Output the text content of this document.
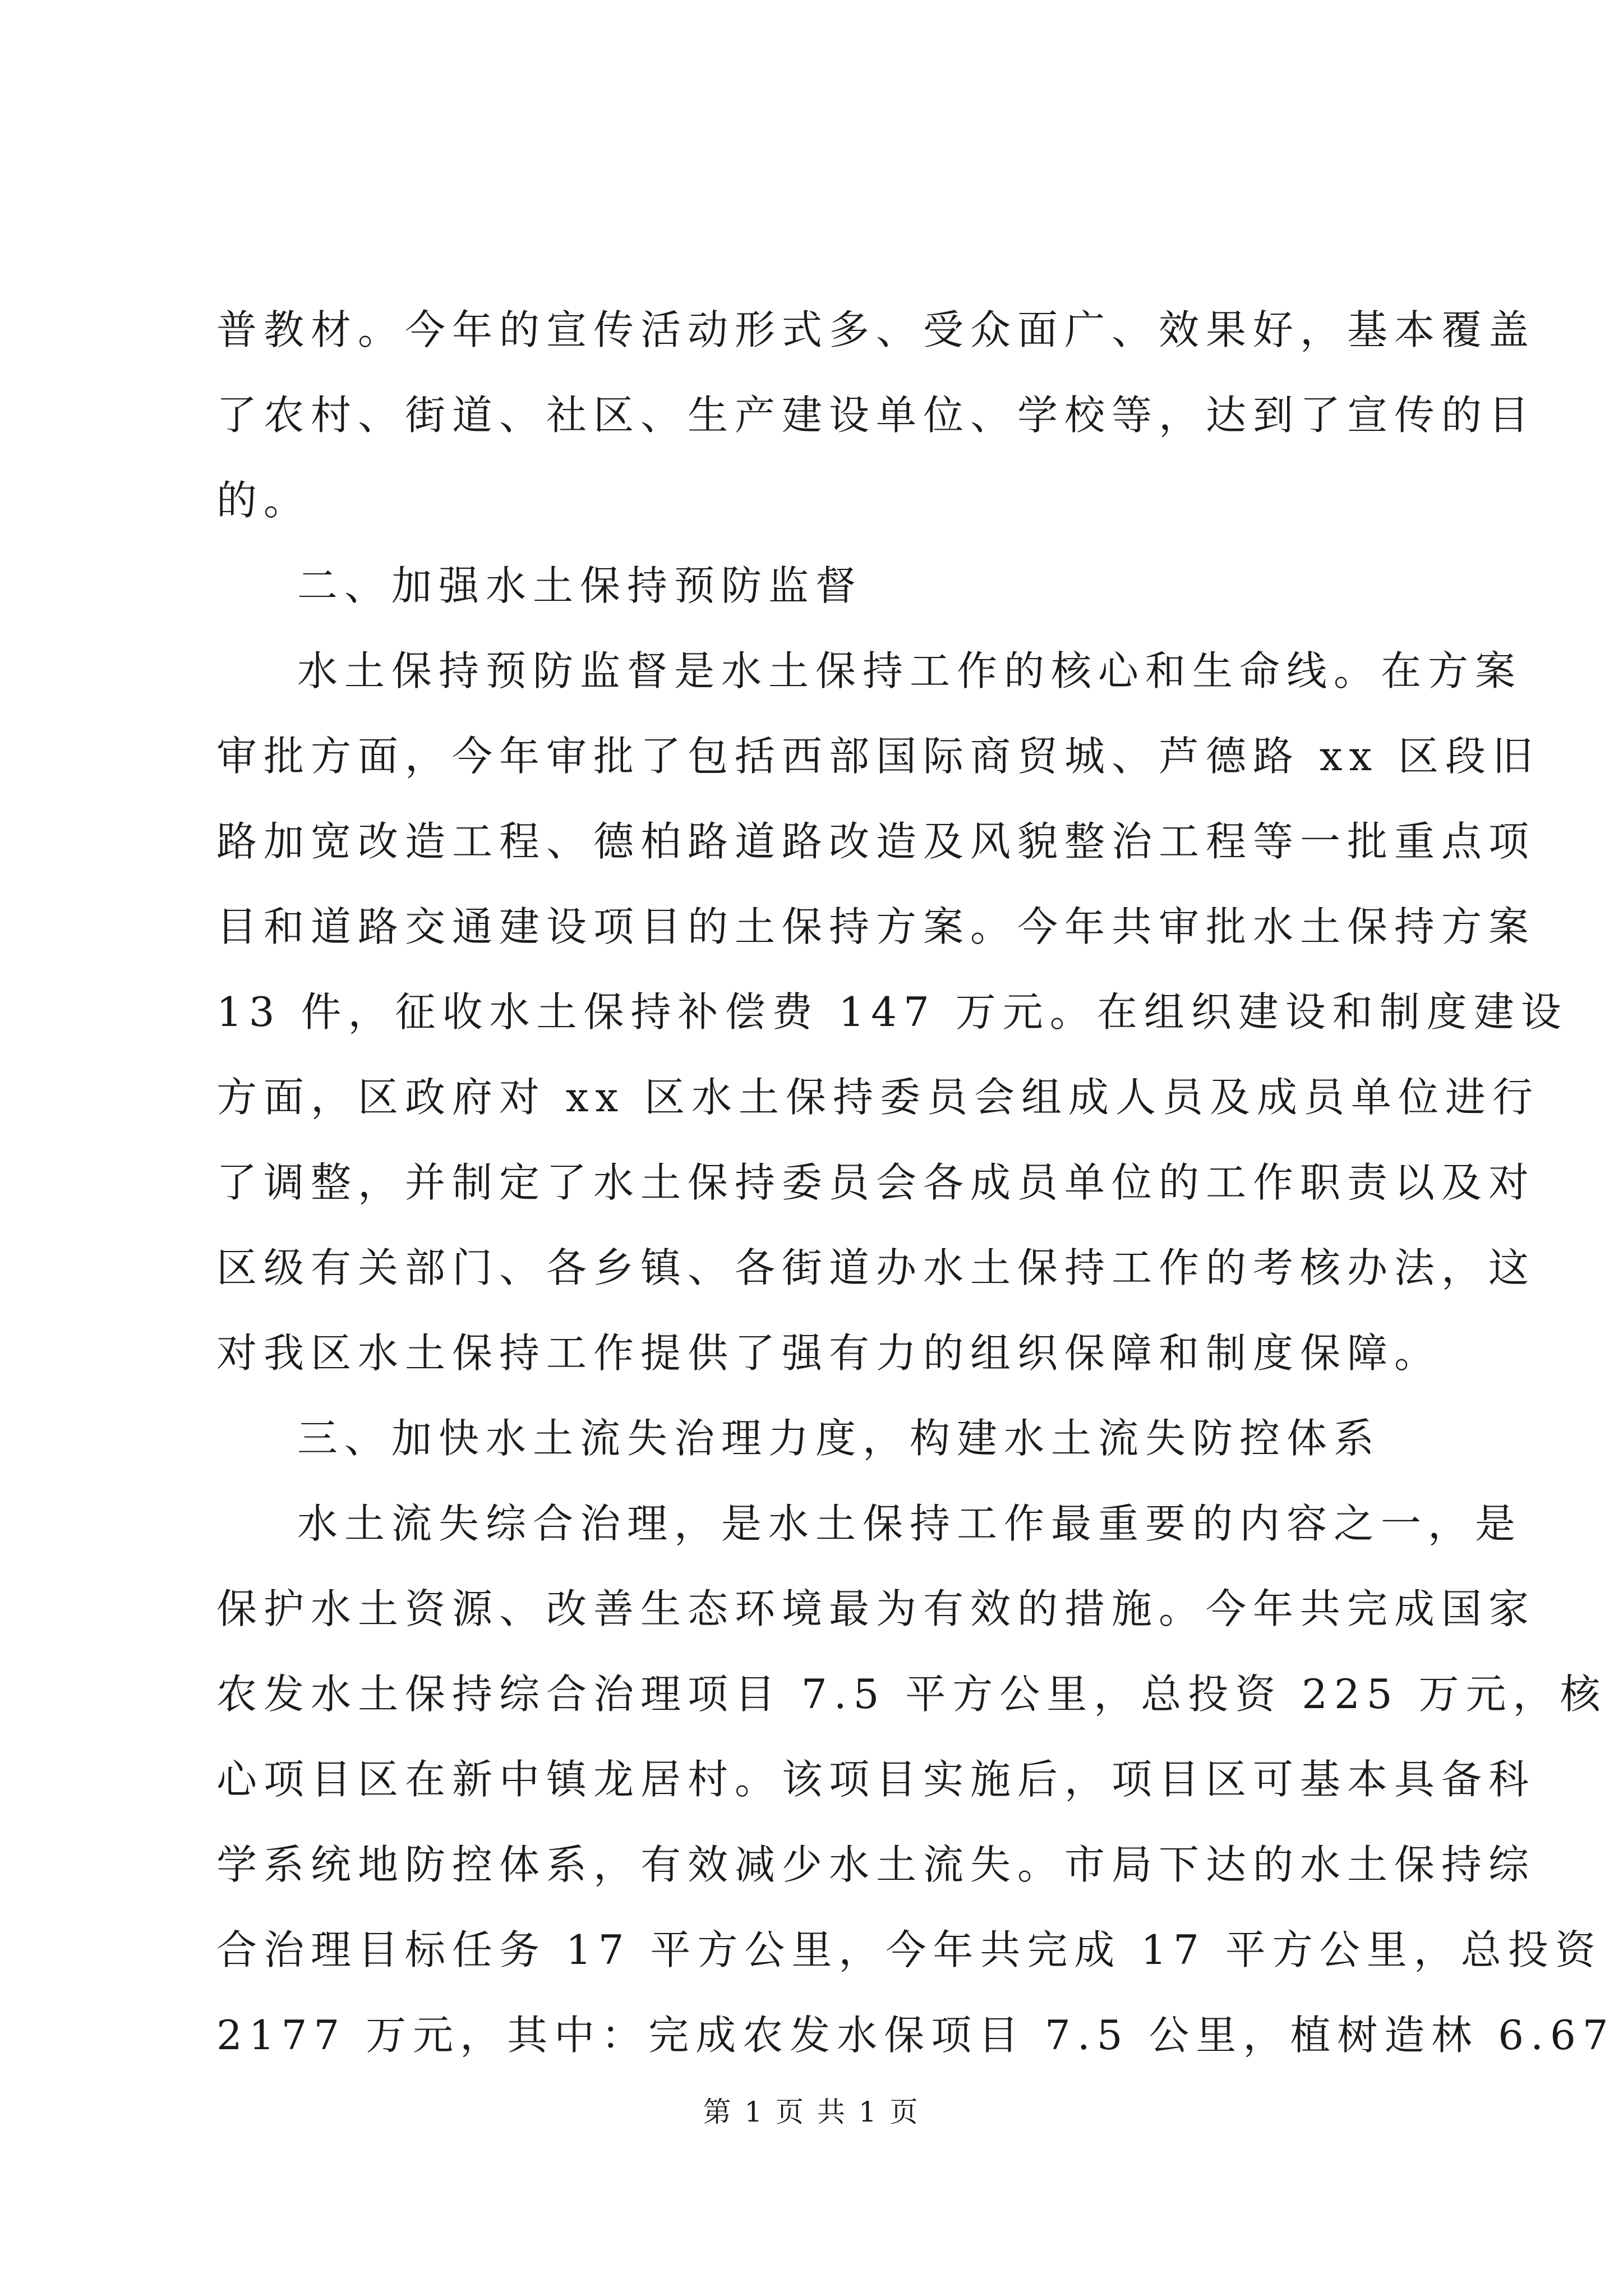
普教材。今年的宣传活动形式多、受众面广、效果好，基本覆盖
了农村、街道、社区、生产建设单位、学校等，达到了宣传的目
的。
二、加强水土保持预防监督
水土保持预防监督是水土保持工作的核心和生命线。在方案
审批方面，今年审批了包括西部国际商贸城、芦德路 xx 区段旧
路加宽改造工程、德柏路道路改造及风貌整治工程等一批重点项
目和道路交通建设项目的土保持方案。今年共审批水土保持方案
13 件，征收水土保持补偿费 147 万元。在组织建设和制度建设
方面，区政府对 xx 区水土保持委员会组成人员及成员单位进行
了调整，并制定了水土保持委员会各成员单位的工作职责以及对
区级有关部门、各乡镇、各街道办水土保持工作的考核办法，这
对我区水土保持工作提供了强有力的组织保障和制度保障。
三、加快水土流失治理力度，构建水土流失防控体系
水土流失综合治理，是水土保持工作最重要的内容之一，是
保护水土资源、改善生态环境最为有效的措施。今年共完成国家
农发水土保持综合治理项目 7.5 平方公里，总投资 225 万元，核
心项目区在新中镇龙居村。该项目实施后，项目区可基本具备科
学系统地防控体系，有效减少水土流失。市局下达的水土保持综
合治理目标任务 17 平方公里，今年共完成 17 平方公里，总投资
2177 万元，其中：完成农发水保项目 7.5 公里，植树造林 6.67
第 1 页 共 1 页
